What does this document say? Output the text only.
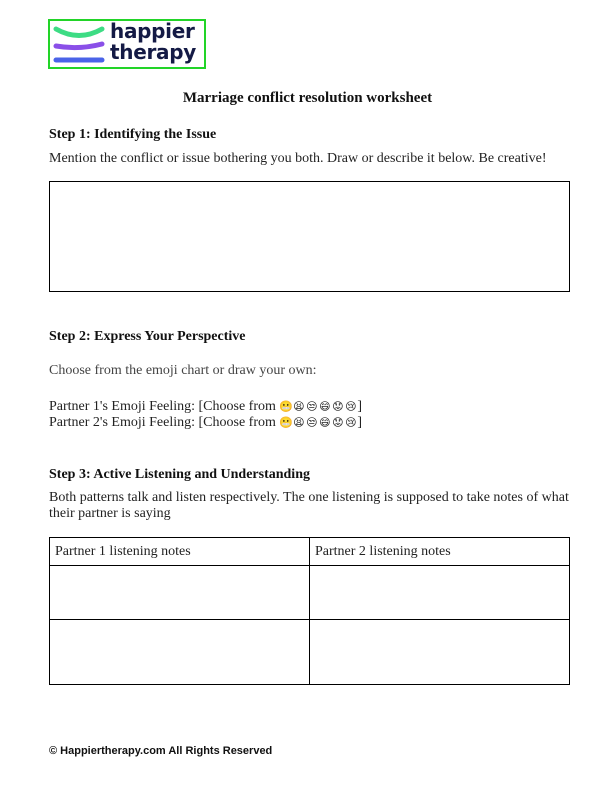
happier
therapy
Marriage conflict resolution worksheet
Step 1: Identifying the Issue
Mention the conflict or issue bothering you both. Draw or describe it below. Be creative!
Step 2: Express Your Perspective
Choose from the emoji chart or draw your own:
Partner 1's Emoji Feeling: [Choose from 😬😫 😒 😄 😟 😢]
Partner 2's Emoji Feeling: [Choose from 😬😫 😒 😄 😟 😢]
Step 3: Active Listening and Understanding
Both patterns talk and listen respectively. The one listening is supposed to take notes of what their partner is saying
Partner 1 listening notes	Partner 2 listening notes

© Happiertherapy.com All Rights Reserved
